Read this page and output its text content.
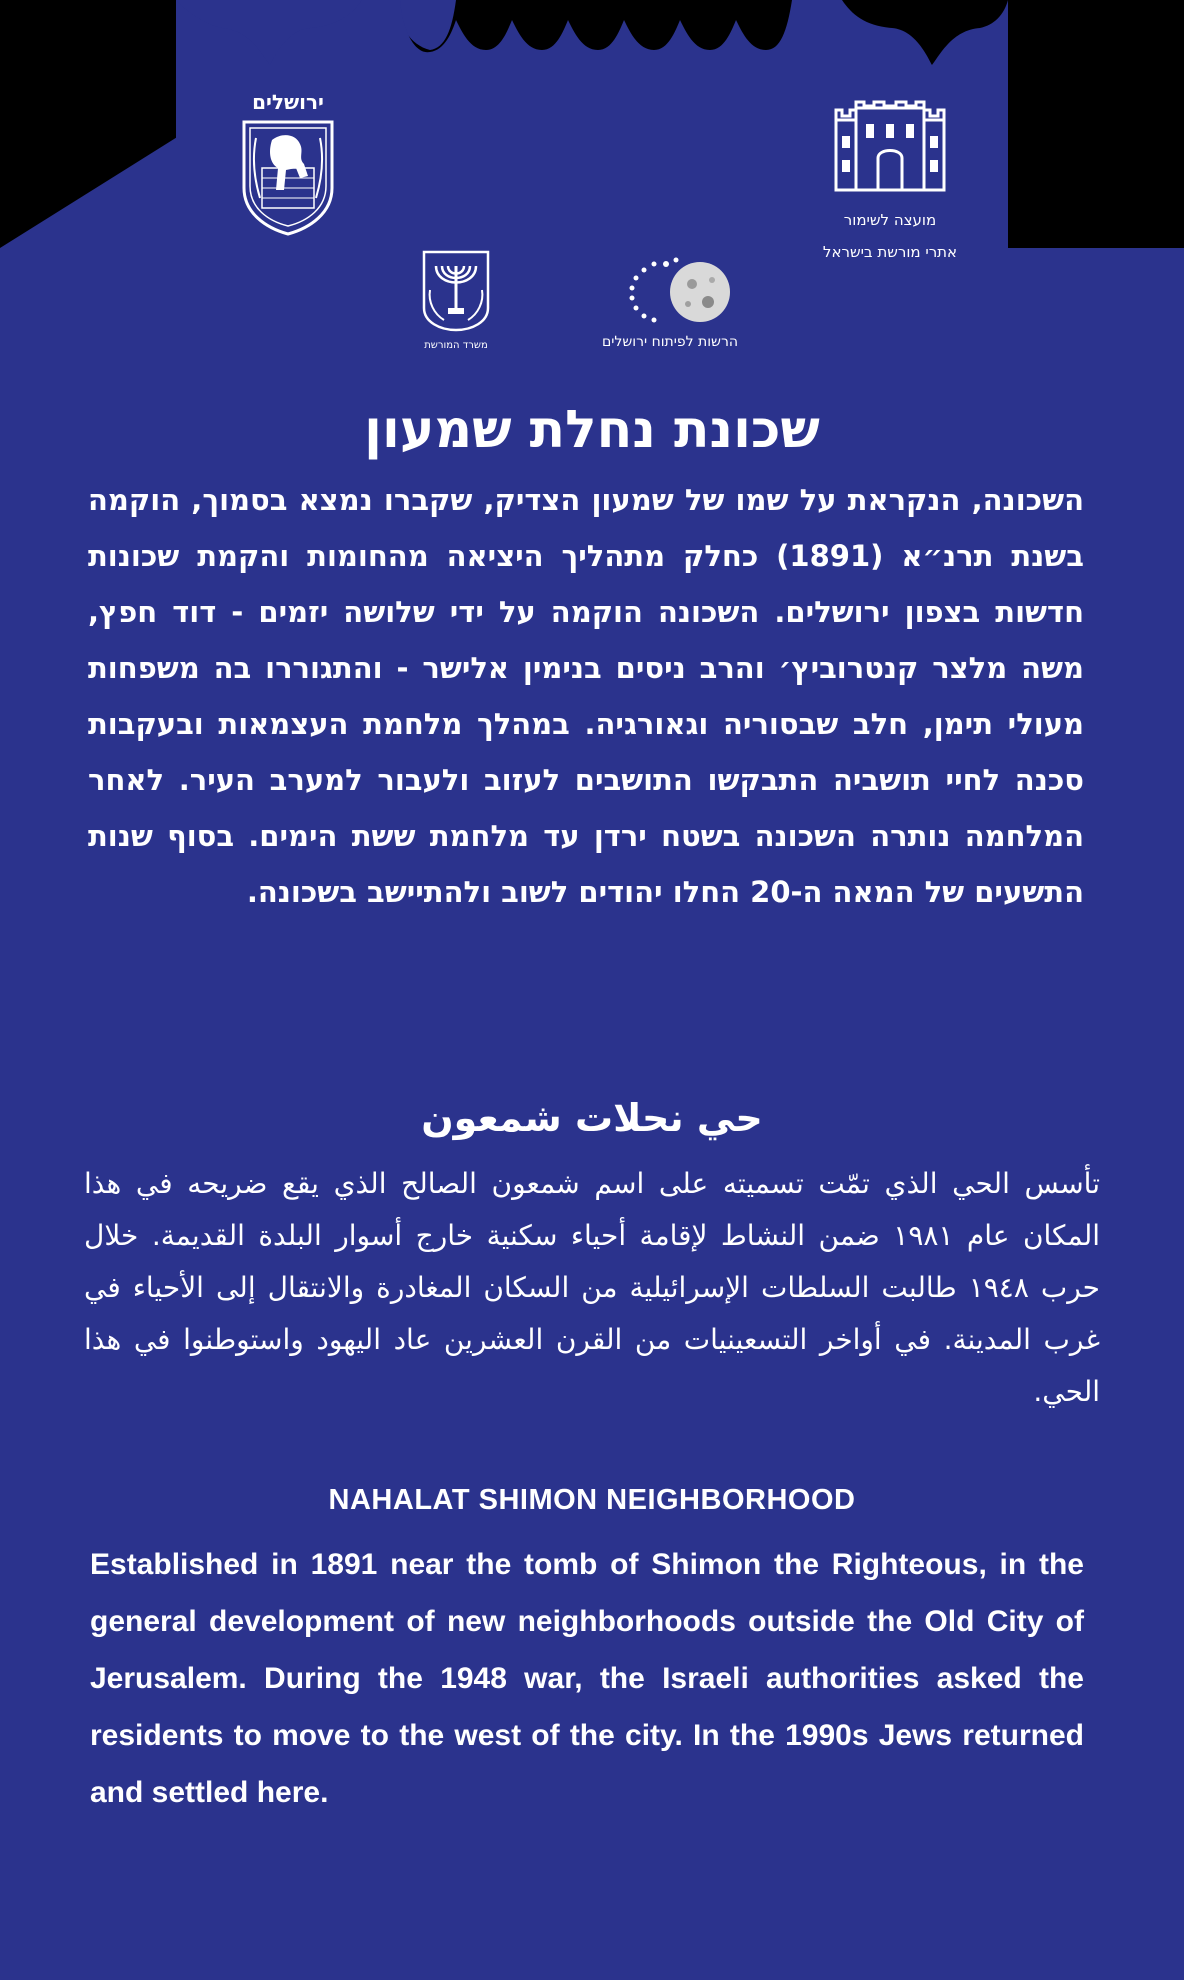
ירושלים
מועצה לשימור
אתרי מורשת בישראל
משרד המורשת	הרשות לפיתוח ירושלים
שכונת נחלת שמעון

השכונה, הנקראת על שמו של שמעון הצדיק, שקברו נמצא בסמוך, הוקמה בשנת תרנ״א (1891) כחלק מתהליך היציאה מהחומות והקמת שכונות חדשות בצפון ירושלים. השכונה הוקמה על ידי שלושה יזמים - דוד חפץ, משה מלצר קנטרוביץ׳ והרב ניסים בנימין אלישר - והתגוררו בה משפחות מעולי תימן, חלב שבסוריה וגאורגיה. במהלך מלחמת העצמאות ובעקבות סכנה לחיי תושביה התבקשו התושבים לעזוב ולעבור למערב העיר. לאחר המלחמה נותרה השכונה בשטח ירדן עד מלחמת ששת הימים. בסוף שנות התשעים של המאה ה-20 החלו יהודים לשוב ולהתיישב בשכונה.

حي نحلات شمعون

تأسس الحي الذي تمّت تسميته على اسم شمعون الصالح الذي يقع ضريحه في هذا المكان عام ١٩٨١ ضمن النشاط لإقامة أحياء سكنية خارج أسوار البلدة القديمة. خلال حرب ١٩٤٨ طالبت السلطات الإسرائيلية من السكان المغادرة والانتقال إلى الأحياء في غرب المدينة. في أواخر التسعينيات من القرن العشرين عاد اليهود واستوطنوا في هذا الحي.

NAHALAT SHIMON NEIGHBORHOOD

Established in 1891 near the tomb of Shimon the Righteous, in the general development of new neighborhoods outside the Old City of Jerusalem. During the 1948 war, the Israeli authorities asked the residents to move to the west of the city. In the 1990s Jews returned and settled here.
